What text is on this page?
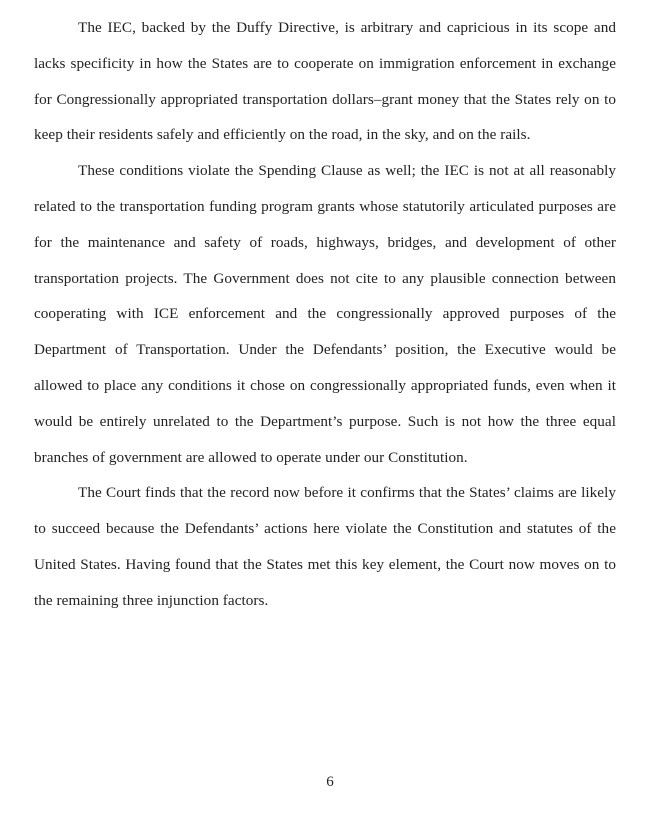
The IEC, backed by the Duffy Directive, is arbitrary and capricious in its scope and lacks specificity in how the States are to cooperate on immigration enforcement in exchange for Congressionally appropriated transportation dollars–grant money that the States rely on to keep their residents safely and efficiently on the road, in the sky, and on the rails.

These conditions violate the Spending Clause as well; the IEC is not at all reasonably related to the transportation funding program grants whose statutorily articulated purposes are for the maintenance and safety of roads, highways, bridges, and development of other transportation projects. The Government does not cite to any plausible connection between cooperating with ICE enforcement and the congressionally approved purposes of the Department of Transportation. Under the Defendants’ position, the Executive would be allowed to place any conditions it chose on congressionally appropriated funds, even when it would be entirely unrelated to the Department’s purpose. Such is not how the three equal branches of government are allowed to operate under our Constitution.

The Court finds that the record now before it confirms that the States’ claims are likely to succeed because the Defendants’ actions here violate the Constitution and statutes of the United States. Having found that the States met this key element, the Court now moves on to the remaining three injunction factors.

6
